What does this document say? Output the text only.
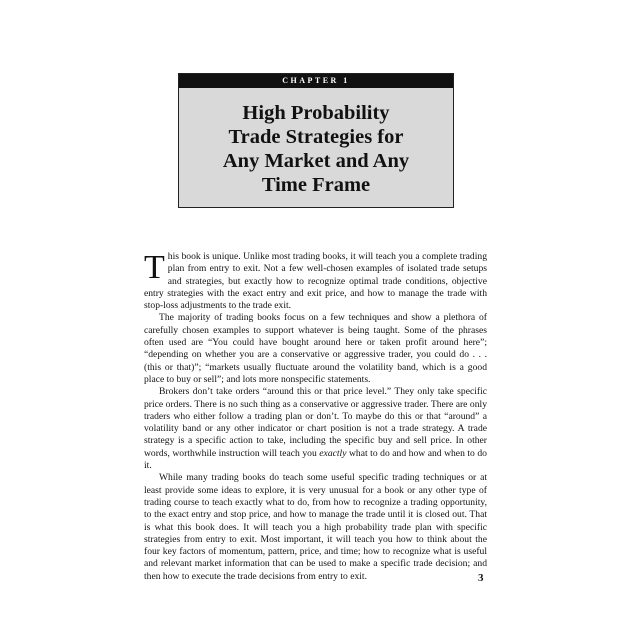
CHAPTER 1
High Probability
Trade Strategies for
Any Market and Any
Time Frame

This book is unique. Unlike most trading books, it will teach you a complete trading plan from entry to exit. Not a few well-chosen examples of isolated trade setups and strategies, but exactly how to recognize optimal trade conditions, objective entry strategies with the exact entry and exit price, and how to manage the trade with stop-loss adjustments to the trade exit.

The majority of trading books focus on a few techniques and show a plethora of carefully chosen examples to support whatever is being taught. Some of the phrases often used are “You could have bought around here or taken profit around here”; “depending on whether you are a conservative or aggressive trader, you could do . . . (this or that)”; “markets usually fluctuate around the volatility band, which is a good place to buy or sell”; and lots more nonspecific statements.

Brokers don’t take orders “around this or that price level.” They only take specific price orders. There is no such thing as a conservative or aggressive trader. There are only traders who either follow a trading plan or don’t. To maybe do this or that “around” a volatility band or any other indicator or chart position is not a trade strategy. A trade strategy is a specific action to take, including the specific buy and sell price. In other words, worthwhile instruction will teach you exactly what to do and how and when to do it.

While many trading books do teach some useful specific trading techniques or at least provide some ideas to explore, it is very unusual for a book or any other type of trading course to teach exactly what to do, from how to recognize a trading opportunity, to the exact entry and stop price, and how to manage the trade until it is closed out. That is what this book does. It will teach you a high probability trade plan with specific strategies from entry to exit. Most important, it will teach you how to think about the four key factors of momentum, pattern, price, and time; how to recognize what is useful and relevant market information that can be used to make a specific trade decision; and then how to execute the trade decisions from entry to exit.	3
